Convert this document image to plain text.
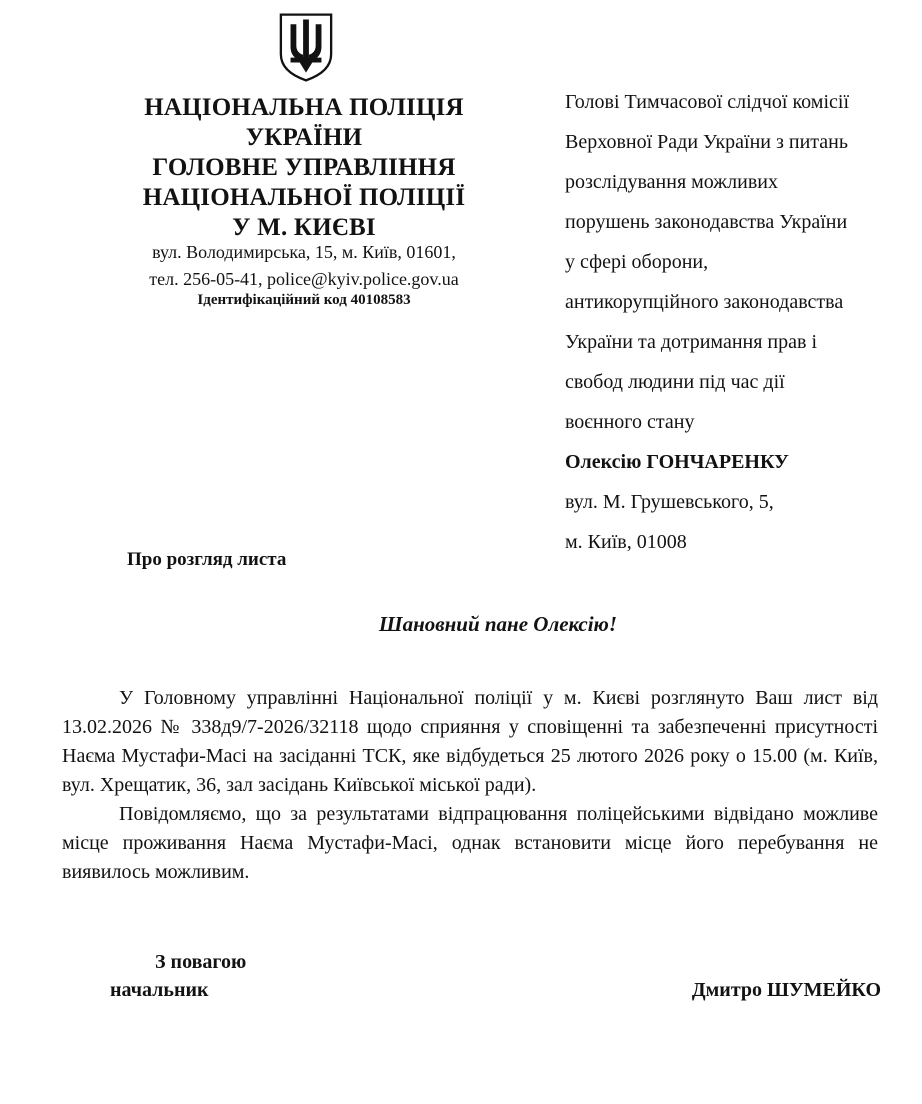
НАЦІОНАЛЬНА ПОЛІЦІЯ
УКРАЇНИ
ГОЛОВНЕ УПРАВЛІННЯ
НАЦІОНАЛЬНОЇ ПОЛІЦІЇ
У М. КИЄВІ
вул. Володимирська, 15, м. Київ, 01601,
тел. 256-05-41, police@kyiv.police.gov.ua
Ідентифікаційний код 40108583
Голові Тимчасової слідчої комісії
Верховної Ради України з питань
розслідування можливих
порушень законодавства України
у сфері оборони,
антикорупційного законодавства
України та дотримання прав і
свобод людини під час дії
воєнного стану
Олексію ГОНЧАРЕНКУ
вул. М. Грушевського, 5,
м. Київ, 01008
Про розгляд листа
Шановний пане Олексію!

У Головному управлінні Національної поліції у м. Києві розглянуто Ваш лист від 13.02.2026 № 338д9/7-2026/32118 щодо сприяння у сповіщенні та забезпеченні присутності Наєма Мустафи-Масі на засіданні ТСК, яке відбудеться 25 лютого 2026 року о 15.00 (м. Київ, вул. Хрещатик, 36, зал засідань Київської міської ради).

Повідомляємо, що за результатами відпрацювання поліцейськими відвідано можливе місце проживання Наєма Мустафи-Масі, однак встановити місце його перебування не виявилось можливим.

З повагою
начальник	Дмитро ШУМЕЙКО
